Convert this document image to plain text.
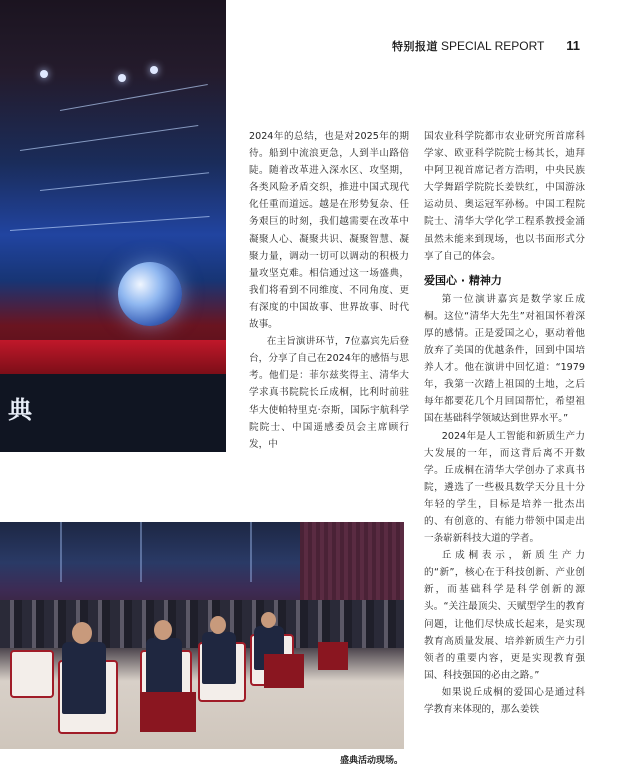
典
特别报道 SPECIAL REPORT 11

2024年的总结，也是对2025年的期待。船到中流浪更急，人到半山路倍陡。随着改革进入深水区、攻坚期，各类风险矛盾交织，推进中国式现代化任重而道远。越是在形势复杂、任务艰巨的时刻，我们越需要在改革中凝聚人心、凝聚共识、凝聚智慧、凝聚力量，调动一切可以调动的积极力量攻坚克难。相信通过这一场盛典，我们将看到不同维度、不同角度、更有深度的中国故事、世界故事、时代故事。

在主旨演讲环节，7位嘉宾先后登台，分享了自己在2024年的感悟与思考。他们是：菲尔兹奖得主、清华大学求真书院院长丘成桐，比利时前驻华大使帕特里克·奈斯，国际宇航科学院院士、中国遥感委员会主席顾行发，中

国农业科学院都市农业研究所首席科学家、欧亚科学院院士杨其长，迪拜中阿卫视首席记者方浩明，中央民族大学舞蹈学院院长姜铁红，中国游泳运动员、奥运冠军孙杨。中国工程院院士、清华大学化学工程系教授金涌虽然未能来到现场，也以书面形式分享了自己的体会。

爱国心 · 精神力

第一位演讲嘉宾是数学家丘成桐。这位“清华大先生”对祖国怀着深厚的感情。正是爱国之心，驱动着他放弃了美国的优越条件，回到中国培养人才。他在演讲中回忆道：“1979年，我第一次踏上祖国的土地，之后每年都要花几个月回国帮忙，希望祖国在基础科学领域达到世界水平。”

2024年是人工智能和新质生产力大发展的一年，而这背后离不开数学。丘成桐在清华大学创办了求真书院，遴选了一些极具数学天分且十分年轻的学生，目标是培养一批杰出的、有创意的、有能力带领中国走出一条崭新科技大道的学者。

丘成桐表示，新质生产力的“新”，核心在于科技创新、产业创新，而基础科学是科学创新的源头。“关注最顶尖、天赋型学生的教育问题，让他们尽快成长起来，是实现教育高质量发展、培养新质生产力引领者的重要内容，更是实现教育强国、科技强国的必由之路。”

如果说丘成桐的爱国心是通过科学教育来体现的，那么姜铁

盛典活动现场。
